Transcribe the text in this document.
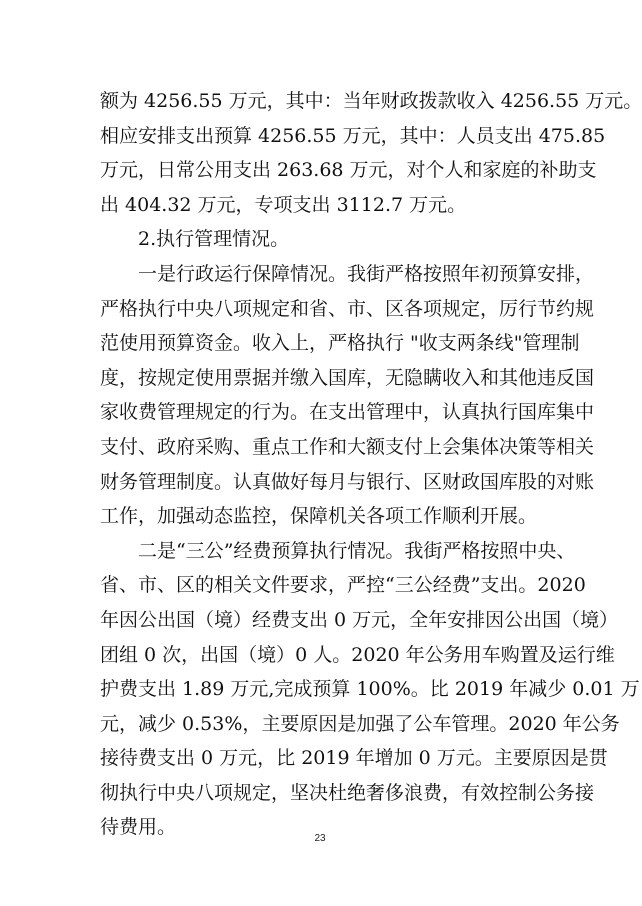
额为 4256.55 万元，其中：当年财政拨款收入 4256.55 万元。
相应安排支出预算 4256.55 万元，其中：人员支出 475.85
万元，日常公用支出 263.68 万元，对个人和家庭的补助支
出 404.32 万元，专项支出 3112.7 万元。
2.执行管理情况。
一是行政运行保障情况。我街严格按照年初预算安排，
严格执行中央八项规定和省、市、区各项规定，厉行节约规
范使用预算资金。收入上，严格执行 "收支两条线"管理制
度，按规定使用票据并缴入国库，无隐瞒收入和其他违反国
家收费管理规定的行为。在支出管理中，认真执行国库集中
支付、政府采购、重点工作和大额支付上会集体决策等相关
财务管理制度。认真做好每月与银行、区财政国库股的对账
工作，加强动态监控，保障机关各项工作顺利开展。
二是“三公”经费预算执行情况。我街严格按照中央、
省、市、区的相关文件要求，严控“三公经费”支出。2020
年因公出国（境）经费支出 0 万元，全年安排因公出国（境）
团组 0 次，出国（境）0 人。2020 年公务用车购置及运行维
护费支出 1.89 万元,完成预算 100%。比 2019 年减少 0.01 万
元，减少 0.53%，主要原因是加强了公车管理。2020 年公务
接待费支出 0 万元，比 2019 年增加 0 万元。主要原因是贯
彻执行中央八项规定，坚决杜绝奢侈浪费，有效控制公务接
待费用。
23
